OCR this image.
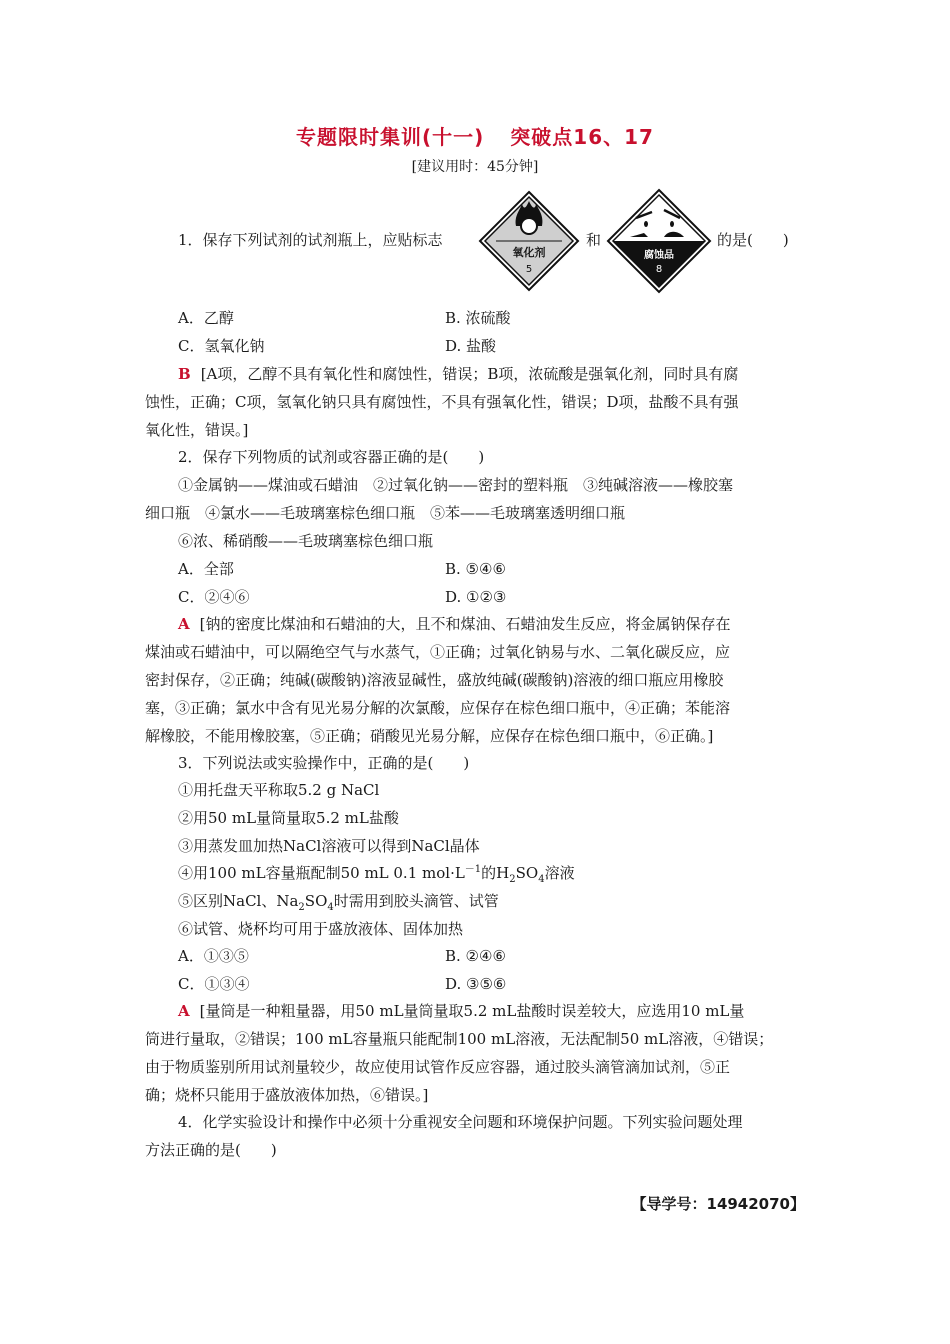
专题限时集训(十一) 突破点16、17
[建议用时：45分钟]
1．保存下列试剂的试剂瓶上，应贴标志
氧化剂
5
和
腐蚀品
8
的是(　　)
A．乙醇	B. 浓硫酸
C．氢氧化钠	D. 盐酸
B [A项，乙醇不具有氧化性和腐蚀性，错误；B项，浓硫酸是强氧化剂，同时具有腐
蚀性，正确；C项，氢氧化钠只具有腐蚀性，不具有强氧化性，错误；D项，盐酸不具有强
氧化性，错误。]
2．保存下列物质的试剂或容器正确的是(　　)
①金属钠——煤油或石蜡油　②过氧化钠——密封的塑料瓶　③纯碱溶液——橡胶塞
细口瓶　④氯水——毛玻璃塞棕色细口瓶　⑤苯——毛玻璃塞透明细口瓶
⑥浓、稀硝酸——毛玻璃塞棕色细口瓶
A．全部	B. ⑤④⑥
C．②④⑥	D. ①②③
A [钠的密度比煤油和石蜡油的大，且不和煤油、石蜡油发生反应，将金属钠保存在
煤油或石蜡油中，可以隔绝空气与水蒸气，①正确；过氧化钠易与水、二氧化碳反应，应
密封保存，②正确；纯碱(碳酸钠)溶液显碱性，盛放纯碱(碳酸钠)溶液的细口瓶应用橡胶
塞，③正确；氯水中含有见光易分解的次氯酸，应保存在棕色细口瓶中，④正确；苯能溶
解橡胶，不能用橡胶塞，⑤正确；硝酸见光易分解，应保存在棕色细口瓶中，⑥正确。]
3．下列说法或实验操作中，正确的是(　　)
①用托盘天平称取5.2 g NaCl
②用50 mL量筒量取5.2 mL盐酸
③用蒸发皿加热NaCl溶液可以得到NaCl晶体
④用100 mL容量瓶配制50 mL 0.1 $mol\cdot L^{-1}$的$H_2SO_4$溶液
⑤区别NaCl、$Na_2SO_4$时需用到胶头滴管、试管
⑥试管、烧杯均可用于盛放液体、固体加热
A．①③⑤	B. ②④⑥
C．①③④	D. ③⑤⑥
A [量筒是一种粗量器，用50 mL量筒量取5.2 mL盐酸时误差较大，应选用10 mL量
筒进行量取，②错误；100 mL容量瓶只能配制100 mL溶液，无法配制50 mL溶液，④错误；
由于物质鉴别所用试剂量较少，故应使用试管作反应容器，通过胶头滴管滴加试剂，⑤正
确；烧杯只能用于盛放液体加热，⑥错误。]
4．化学实验设计和操作中必须十分重视安全问题和环境保护问题。下列实验问题处理
方法正确的是(　　)
【导学号：14942070】
